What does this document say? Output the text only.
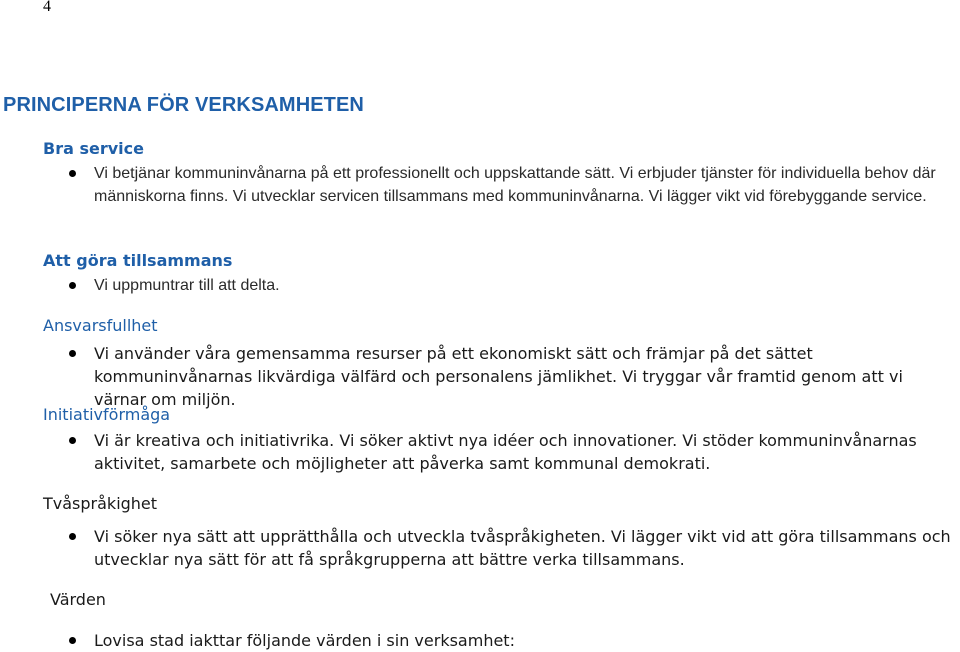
4
PRINCIPERNA FÖR VERKSAMHETEN
Bra service
Vi betjänar kommuninvånarna på ett professionellt och uppskattande sätt. Vi erbjuder tjänster för individuella behov där människorna finns. Vi utvecklar servicen tillsammans med kommuninvånarna. Vi lägger vikt vid förebyggande service.
Att göra tillsammans
Vi uppmuntrar till att delta.
Ansvarsfullhet
Vi använder våra gemensamma resurser på ett ekonomiskt sätt och främjar på det sättet kommuninvånarnas likvärdiga välfärd och personalens jämlikhet. Vi tryggar vår framtid genom att vi värnar om miljön.
Initiativförmåga
Vi är kreativa och initiativrika. Vi söker aktivt nya idéer och innovationer. Vi stöder kommuninvånarnas aktivitet, samarbete och möjligheter att påverka samt kommunal demokrati.
Tvåspråkighet
Vi söker nya sätt att upprätthålla och utveckla tvåspråkigheten. Vi lägger vikt vid att göra tillsammans och utvecklar nya sätt för att få språkgrupperna att bättre verka tillsammans.
Värden
Lovisa stad iakttar följande värden i sin verksamhet:
